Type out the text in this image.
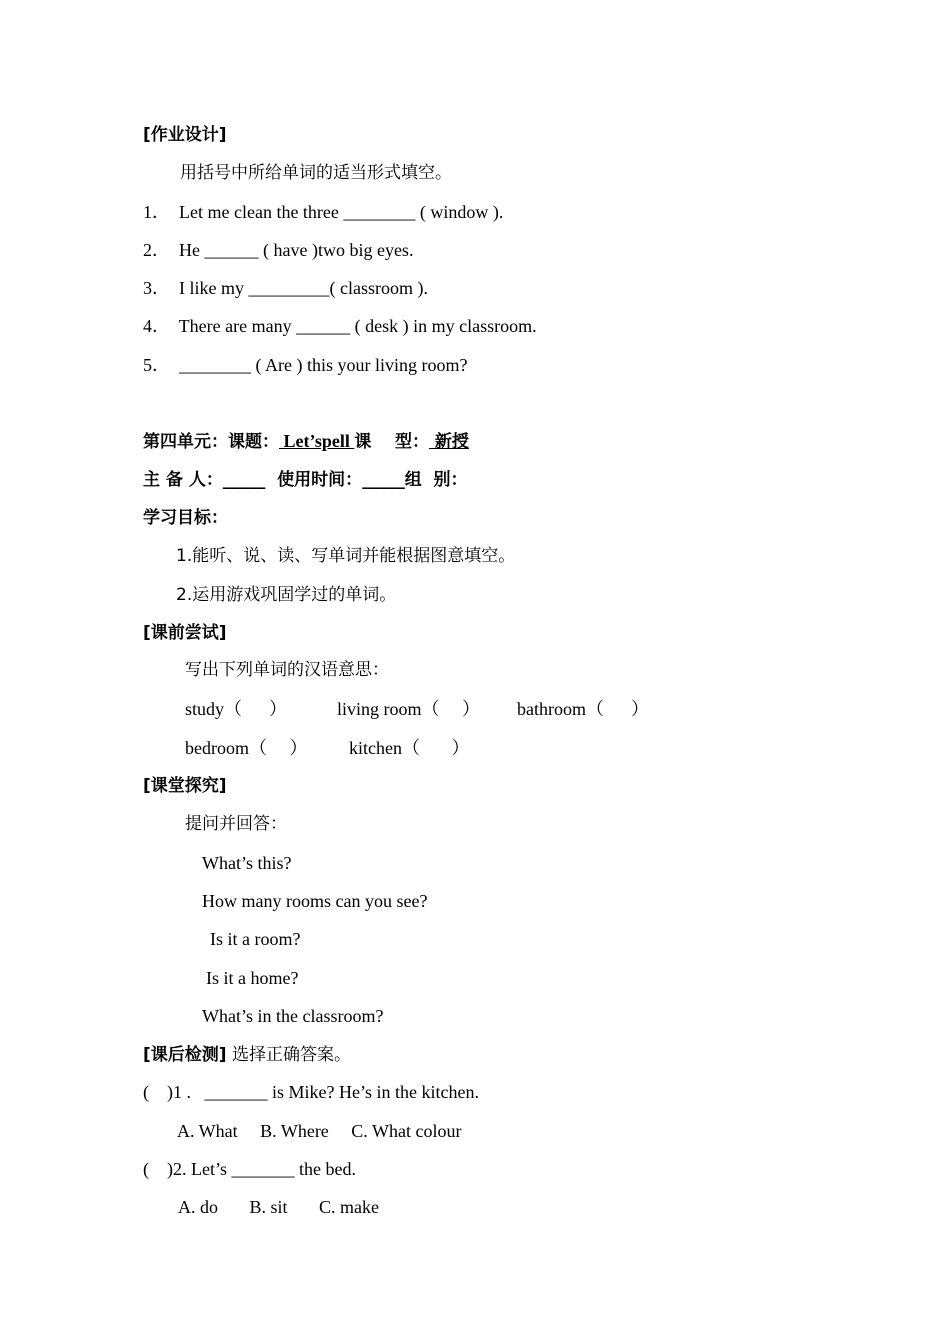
[作业设计]
用括号中所给单词的适当形式填空。
1．  Let me clean the three ________ ( window ).
2．  He ______ ( have )two big eyes.
3．  I like my _________( classroom ).
4．  There are many ______ ( desk ) in my classroom.
5．  ________ ( Are ) this your living room?
第四单元：课题： Let’spell 课    型： 新授
主 备 人：_____  使用时间：_____组  别：
学习目标：
1.能听、说、读、写单词并能根据图意填空。
2.运用游戏巩固学过的单词。
[课前尝试]
写出下列单词的汉语意思：
study（      ）	living room（     ） bathroom（      ）
bedroom（     ） kitchen（       ）
[课堂探究]
提问并回答：
What’s this?
How many rooms can you see?
Is it a room?
Is it a home?
What’s in the classroom?
[课后检测] 选择正确答案。
(    )1 .   _______ is Mike? He’s in the kitchen.
A. What     B. Where     C. What colour
(    )2. Let’s _______ the bed.
A. do       B. sit       C. make
